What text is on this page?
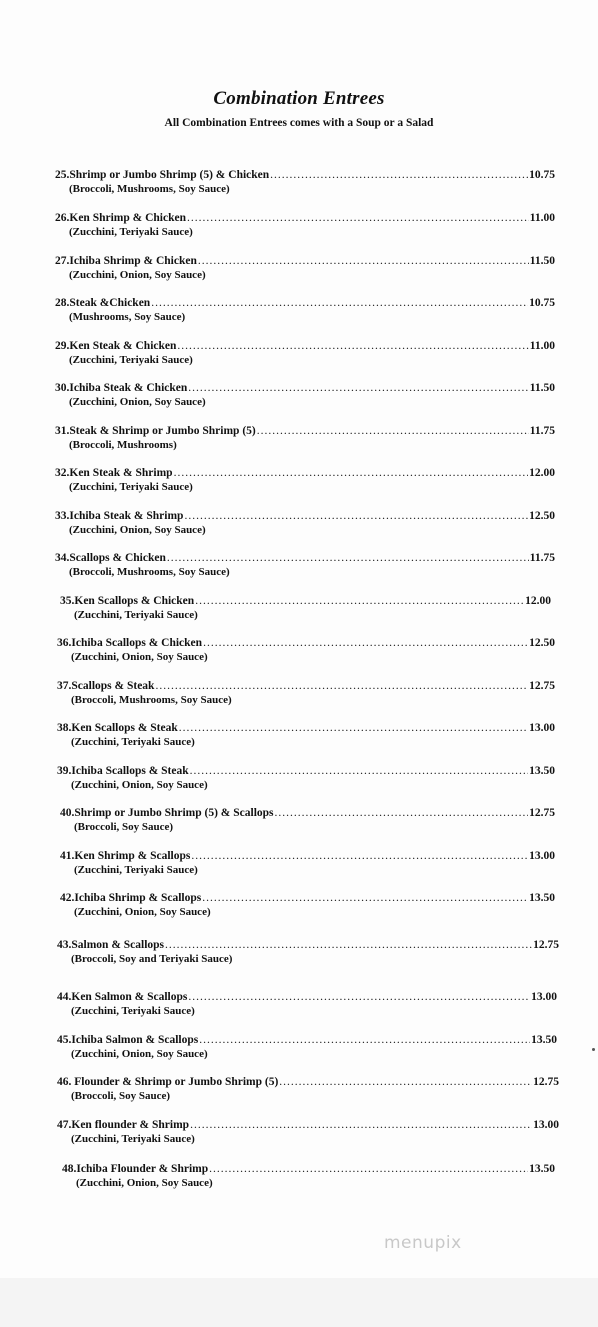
Combination Entrees
All Combination Entrees comes with a Soup or a Salad
25.Shrimp or Jumbo Shrimp (5) & Chicken .....	10.75
(Broccoli, Mushrooms, Soy Sauce)
26.Ken Shrimp & Chicken .....	11.00
(Zucchini, Teriyaki Sauce)
27.Ichiba Shrimp & Chicken .....	11.50
(Zucchini, Onion, Soy Sauce)
28.Steak &Chicken .....	10.75
(Mushrooms, Soy Sauce)
29.Ken Steak & Chicken .....	11.00
(Zucchini, Teriyaki Sauce)
30.Ichiba Steak & Chicken .....	11.50
(Zucchini, Onion, Soy Sauce)
31.Steak & Shrimp or Jumbo Shrimp (5) .....	11.75
(Broccoli, Mushrooms)
32.Ken Steak & Shrimp .....	12.00
(Zucchini, Teriyaki Sauce)
33.Ichiba Steak & Shrimp .....	12.50
(Zucchini, Onion, Soy Sauce)
34.Scallops & Chicken .....	11.75
(Broccoli, Mushrooms, Soy Sauce)
35.Ken Scallops & Chicken .....	12.00
(Zucchini, Teriyaki Sauce)
36.Ichiba Scallops & Chicken .....	12.50
(Zucchini, Onion, Soy Sauce)
37.Scallops & Steak .....	12.75
(Broccoli, Mushrooms, Soy Sauce)
38.Ken Scallops & Steak .....	13.00
(Zucchini, Teriyaki Sauce)
39.Ichiba Scallops & Steak .....	13.50
(Zucchini, Onion, Soy Sauce)
40.Shrimp or Jumbo Shrimp (5) & Scallops .....	12.75
(Broccoli, Soy Sauce)
41.Ken Shrimp & Scallops .....	13.00
(Zucchini, Teriyaki Sauce)
42.Ichiba Shrimp & Scallops .....	13.50
(Zucchini, Onion, Soy Sauce)
43.Salmon & Scallops .....	12.75
(Broccoli, Soy and Teriyaki Sauce)
44.Ken Salmon & Scallops .....	13.00
(Zucchini, Teriyaki Sauce)
45.Ichiba Salmon & Scallops .....	13.50
(Zucchini, Onion, Soy Sauce)
46. Flounder & Shrimp or Jumbo Shrimp (5) .....	12.75
(Broccoli, Soy Sauce)
47.Ken flounder & Shrimp .....	13.00
(Zucchini, Teriyaki Sauce)
48.Ichiba Flounder & Shrimp .....	13.50
(Zucchini, Onion, Soy Sauce)
menupix
